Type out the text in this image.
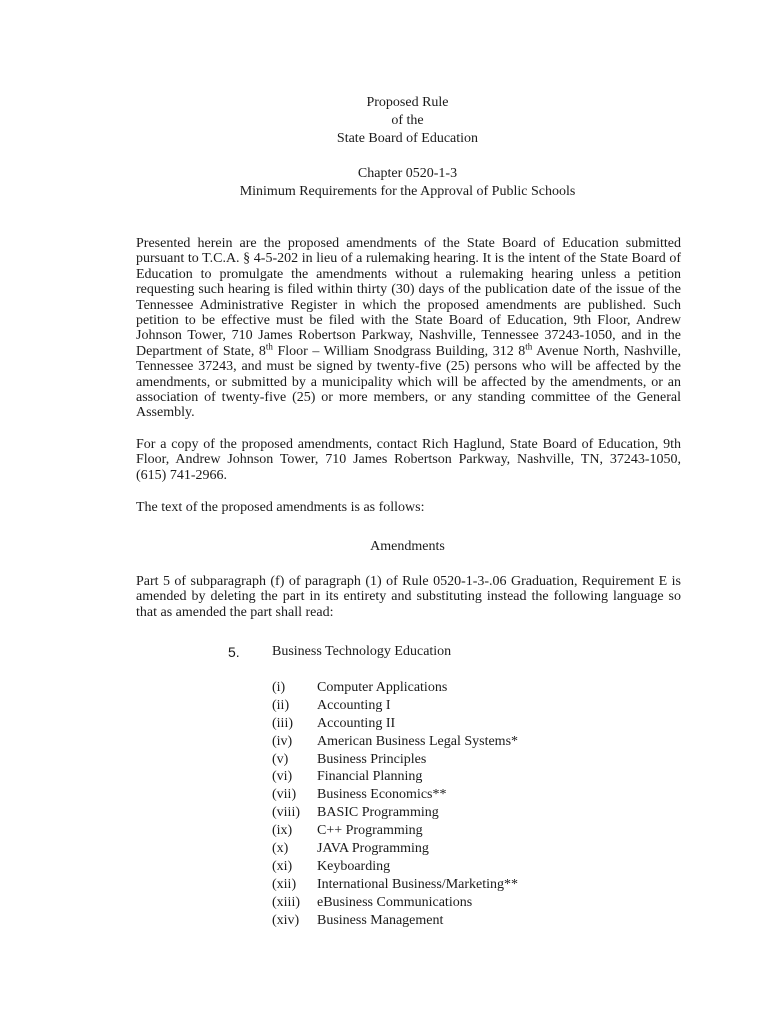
Proposed Rule
of the
State Board of Education
Chapter 0520-1-3
Minimum Requirements for the Approval of Public Schools
Presented herein are the proposed amendments of the State Board of Education submitted pursuant to T.C.A. § 4-5-202 in lieu of a rulemaking hearing. It is the intent of the State Board of Education to promulgate the amendments without a rulemaking hearing unless a petition requesting such hearing is filed within thirty (30) days of the publication date of the issue of the Tennessee Administrative Register in which the proposed amendments are published. Such petition to be effective must be filed with the State Board of Education, 9th Floor, Andrew Johnson Tower, 710 James Robertson Parkway, Nashville, Tennessee 37243-1050, and in the Department of State, 8th Floor – William Snodgrass Building, 312 8th Avenue North, Nashville, Tennessee 37243, and must be signed by twenty-five (25) persons who will be affected by the amendments, or submitted by a municipality which will be affected by the amendments, or an association of twenty-five (25) or more members, or any standing committee of the General Assembly.
For a copy of the proposed amendments, contact Rich Haglund, State Board of Education, 9th Floor, Andrew Johnson Tower, 710 James Robertson Parkway, Nashville, TN, 37243-1050, (615) 741-2966.
The text of the proposed amendments is as follows:
Amendments
Part 5 of subparagraph (f) of paragraph (1) of Rule 0520-1-3-.06 Graduation, Requirement E is amended by deleting the part in its entirety and substituting instead the following language so that as amended the part shall read:
5. Business Technology Education
(i) Computer Applications
(ii) Accounting I
(iii) Accounting II
(iv) American Business Legal Systems*
(v) Business Principles
(vi) Financial Planning
(vii) Business Economics**
(viii) BASIC Programming
(ix) C++ Programming
(x) JAVA Programming
(xi) Keyboarding
(xii) International Business/Marketing**
(xiii) eBusiness Communications
(xiv) Business Management
